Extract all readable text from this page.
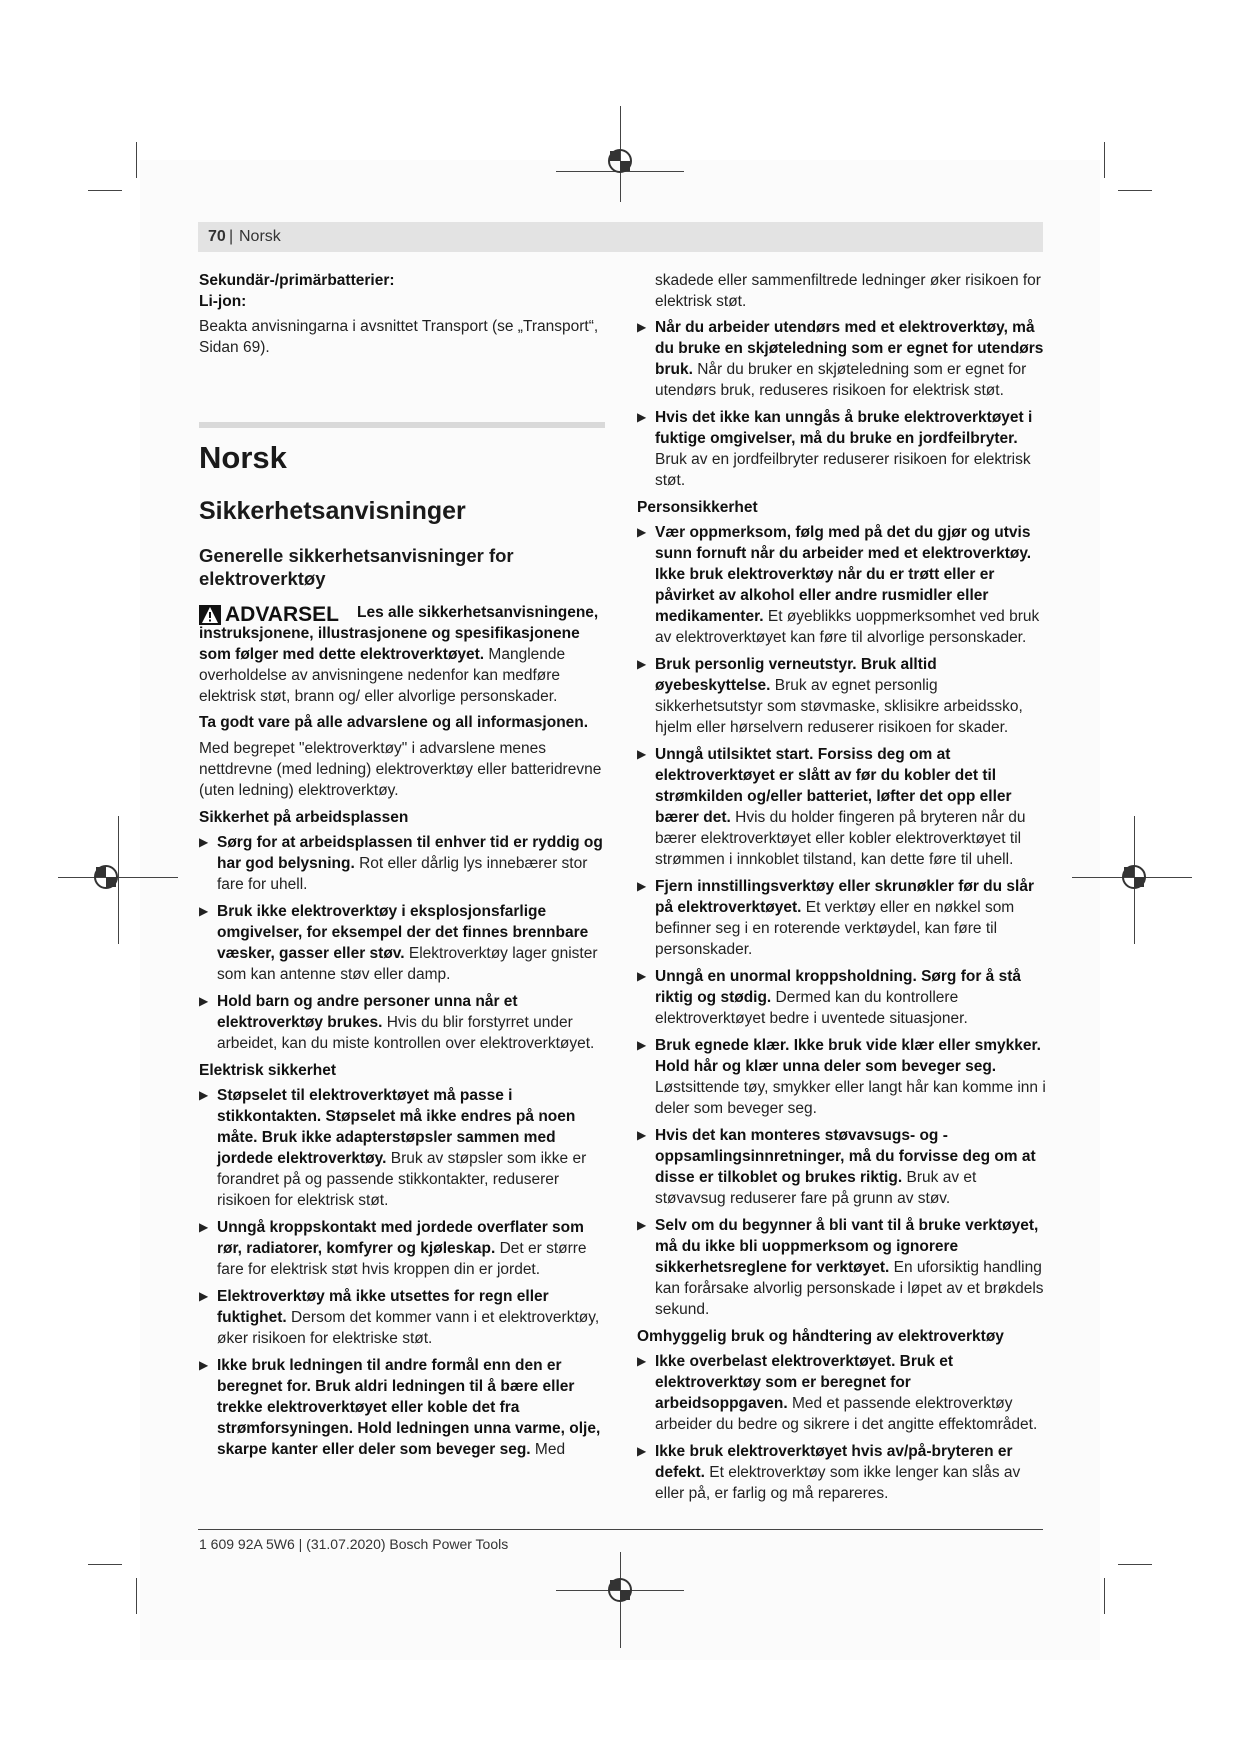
70 | Norsk
Sekundär-/primärbatterier:
Li-jon:

Beakta anvisningarna i avsnittet Transport (se „Transport“, Sidan 69).

Norsk
Sikkerhetsanvisninger
Generelle sikkerhetsanvisninger for elektroverktøy
ADVARSEL	Les alle sikkerhetsanvisningene, instruksjonene, illustrasjonene og spesifikasjonene som følger med dette elektroverktøyet. Manglende overholdelse av anvisningene nedenfor kan medføre elektrisk støt, brann og/ eller alvorlige personskader.

Ta godt vare på alle advarslene og all informasjonen.

Med begrepet "elektroverktøy" i advarslene menes nettdrevne (med ledning) elektroverktøy eller batteridrevne (uten ledning) elektroverktøy.

Sikkerhet på arbeidsplassen
▶ Sørg for at arbeidsplassen til enhver tid er ryddig og har god belysning. Rot eller dårlig lys innebærer stor fare for uhell.
▶ Bruk ikke elektroverktøy i eksplosjonsfarlige omgivelser, for eksempel der det finnes brennbare væsker, gasser eller støv. Elektroverktøy lager gnister som kan antenne støv eller damp.
▶ Hold barn og andre personer unna når et elektroverktøy brukes. Hvis du blir forstyrret under arbeidet, kan du miste kontrollen over elektroverktøyet.
Elektrisk sikkerhet
▶ Støpselet til elektroverktøyet må passe i stikkontakten. Støpselet må ikke endres på noen måte. Bruk ikke adapterstøpsler sammen med jordede elektroverktøy. Bruk av støpsler som ikke er forandret på og passende stikkontakter, reduserer risikoen for elektrisk støt.
▶ Unngå kroppskontakt med jordede overflater som rør, radiatorer, komfyrer og kjøleskap. Det er større fare for elektrisk støt hvis kroppen din er jordet.
▶ Elektroverktøy må ikke utsettes for regn eller fuktighet. Dersom det kommer vann i et elektroverktøy, øker risikoen for elektriske støt.
▶ Ikke bruk ledningen til andre formål enn den er beregnet for. Bruk aldri ledningen til å bære eller trekke elektroverktøyet eller koble det fra strømforsyningen. Hold ledningen unna varme, olje, skarpe kanter eller deler som beveger seg. Med

skadede eller sammenfiltrede ledninger øker risikoen for elektrisk støt.

▶ Når du arbeider utendørs med et elektroverktøy, må du bruke en skjøteledning som er egnet for utendørs bruk. Når du bruker en skjøteledning som er egnet for utendørs bruk, reduseres risikoen for elektrisk støt.
▶ Hvis det ikke kan unngås å bruke elektroverktøyet i fuktige omgivelser, må du bruke en jordfeilbryter. Bruk av en jordfeilbryter reduserer risikoen for elektrisk støt.
Personsikkerhet
▶ Vær oppmerksom, følg med på det du gjør og utvis sunn fornuft når du arbeider med et elektroverktøy. Ikke bruk elektroverktøy når du er trøtt eller er påvirket av alkohol eller andre rusmidler eller medikamenter. Et øyeblikks uoppmerksomhet ved bruk av elektroverktøyet kan føre til alvorlige personskader.
▶ Bruk personlig verneutstyr. Bruk alltid øyebeskyttelse. Bruk av egnet personlig sikkerhetsutstyr som støvmaske, sklisikre arbeidssko, hjelm eller hørselvern reduserer risikoen for skader.
▶ Unngå utilsiktet start. Forsiss deg om at elektroverktøyet er slått av før du kobler det til strømkilden og/eller batteriet, løfter det opp eller bærer det. Hvis du holder fingeren på bryteren når du bærer elektroverktøyet eller kobler elektroverktøyet til strømmen i innkoblet tilstand, kan dette føre til uhell.
▶ Fjern innstillingsverktøy eller skrunøkler før du slår på elektroverktøyet. Et verktøy eller en nøkkel som befinner seg i en roterende verktøydel, kan føre til personskader.
▶ Unngå en unormal kroppsholdning. Sørg for å stå riktig og stødig. Dermed kan du kontrollere elektroverktøyet bedre i uventede situasjoner.
▶ Bruk egnede klær. Ikke bruk vide klær eller smykker. Hold hår og klær unna deler som beveger seg. Løstsittende tøy, smykker eller langt hår kan komme inn i deler som beveger seg.
▶ Hvis det kan monteres støvavsugs- og -oppsamlingsinnretninger, må du forvisse deg om at disse er tilkoblet og brukes riktig. Bruk av et støvavsug reduserer fare på grunn av støv.
▶ Selv om du begynner å bli vant til å bruke verktøyet, må du ikke bli uoppmerksom og ignorere sikkerhetsreglene for verktøyet. En uforsiktig handling kan forårsake alvorlig personskade i løpet av et brøkdels sekund.
Omhyggelig bruk og håndtering av elektroverktøy
▶ Ikke overbelast elektroverktøyet. Bruk et elektroverktøy som er beregnet for arbeidsoppgaven. Med et passende elektroverktøy arbeider du bedre og sikrere i det angitte effektområdet.
▶ Ikke bruk elektroverktøyet hvis av/på-bryteren er defekt. Et elektroverktøy som ikke lenger kan slås av eller på, er farlig og må repareres.
1 609 92A 5W6 | (31.07.2020) Bosch Power Tools
